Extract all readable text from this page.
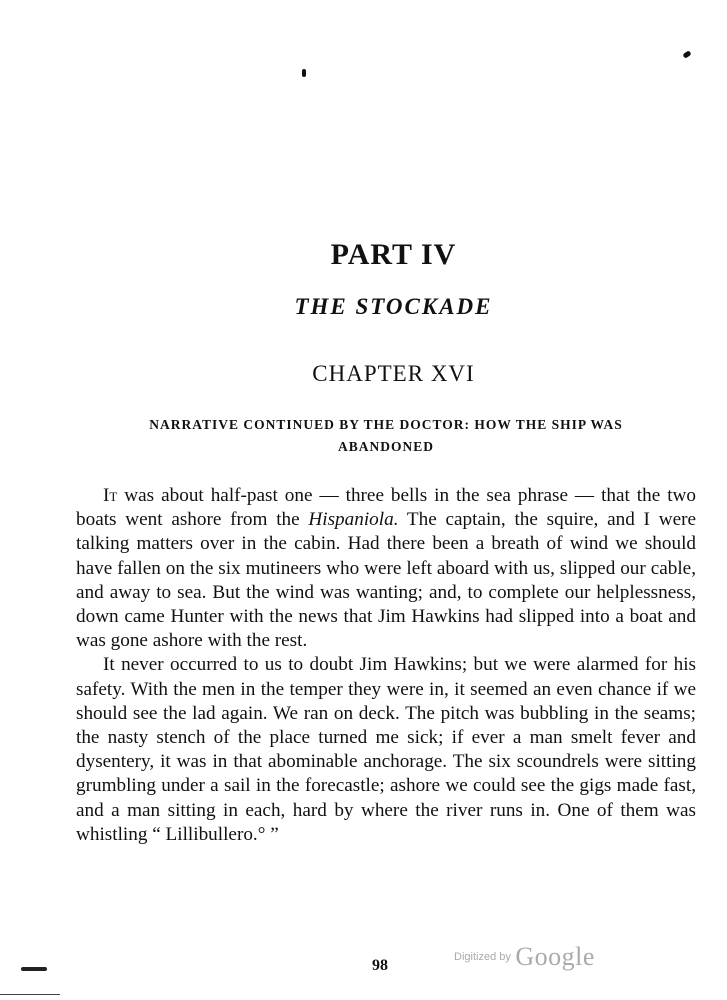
PART IV
THE STOCKADE
CHAPTER XVI
NARRATIVE CONTINUED BY THE DOCTOR: HOW THE SHIP WAS
ABANDONED

It was about half-past one — three bells in the sea phrase — that the two boats went ashore from the Hispaniola. The captain, the squire, and I were talking matters over in the cabin. Had there been a breath of wind we should have fallen on the six mutineers who were left aboard with us, slipped our cable, and away to sea. But the wind was wanting; and, to complete our helplessness, down came Hunter with the news that Jim Hawkins had slipped into a boat and was gone ashore with the rest.

It never occurred to us to doubt Jim Hawkins; but we were alarmed for his safety. With the men in the temper they were in, it seemed an even chance if we should see the lad again. We ran on deck. The pitch was bubbling in the seams; the nasty stench of the place turned me sick; if ever a man smelt fever and dysentery, it was in that abominable anchorage. The six scoundrels were sitting grumbling under a sail in the forecastle; ashore we could see the gigs made fast, and a man sitting in each, hard by where the river runs in. One of them was whistling “ Lillibullero.° ”

98	Digitized by Google
